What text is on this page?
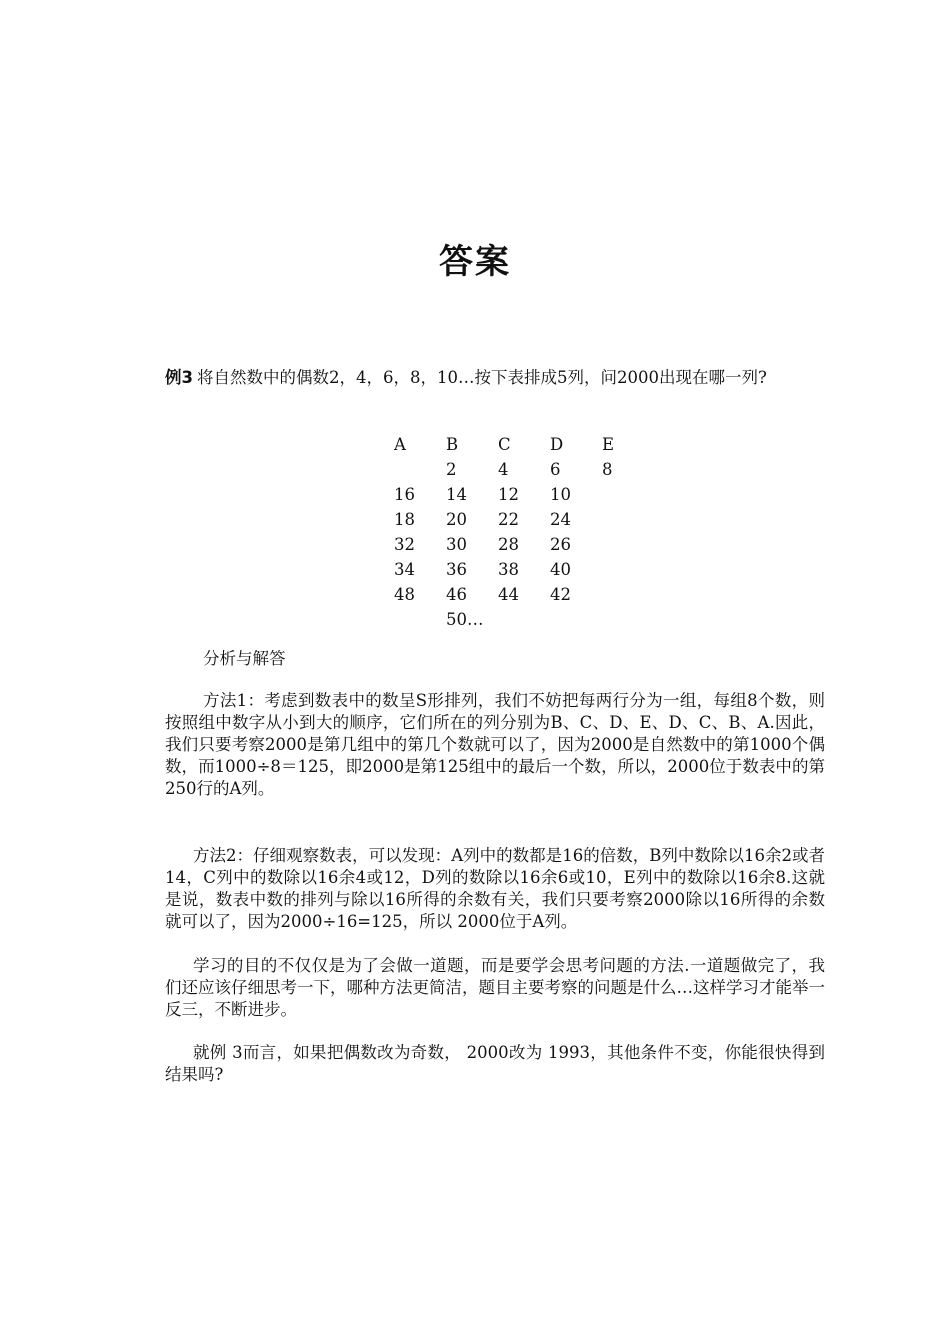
答案
例3 将自然数中的偶数2，4，6，8，10…按下表排成5列，问2000出现在哪一列?
A	B	C	D	E
	2	4	6	8
16	14	12	10	
18	20	22	24	
32	30	28	26	
34	36	38	40	
48	46	44	42	
	50…			
分析与解答
方法1：考虑到数表中的数呈S形排列，我们不妨把每两行分为一组，每组8个数，则按照组中数字从小到大的顺序，它们所在的列分别为B、C、D、E、D、C、B、A.因此，我们只要考察2000是第几组中的第几个数就可以了，因为2000是自然数中的第1000个偶数，而1000÷8＝125，即2000是第125组中的最后一个数，所以，2000位于数表中的第250行的A列。
方法2：仔细观察数表，可以发现：A列中的数都是16的倍数，B列中数除以16余2或者14，C列中的数除以16余4或12，D列的数除以16余6或10，E列中的数除以16余8.这就是说，数表中数的排列与除以16所得的余数有关，我们只要考察2000除以16所得的余数就可以了，因为2000÷16=125，所以 2000位于A列。
学习的目的不仅仅是为了会做一道题，而是要学会思考问题的方法.一道题做完了，我们还应该仔细思考一下，哪种方法更简洁，题目主要考察的问题是什么…这样学习才能举一反三，不断进步。
就例 3而言，如果把偶数改为奇数， 2000改为 1993，其他条件不变，你能很快得到结果吗?
